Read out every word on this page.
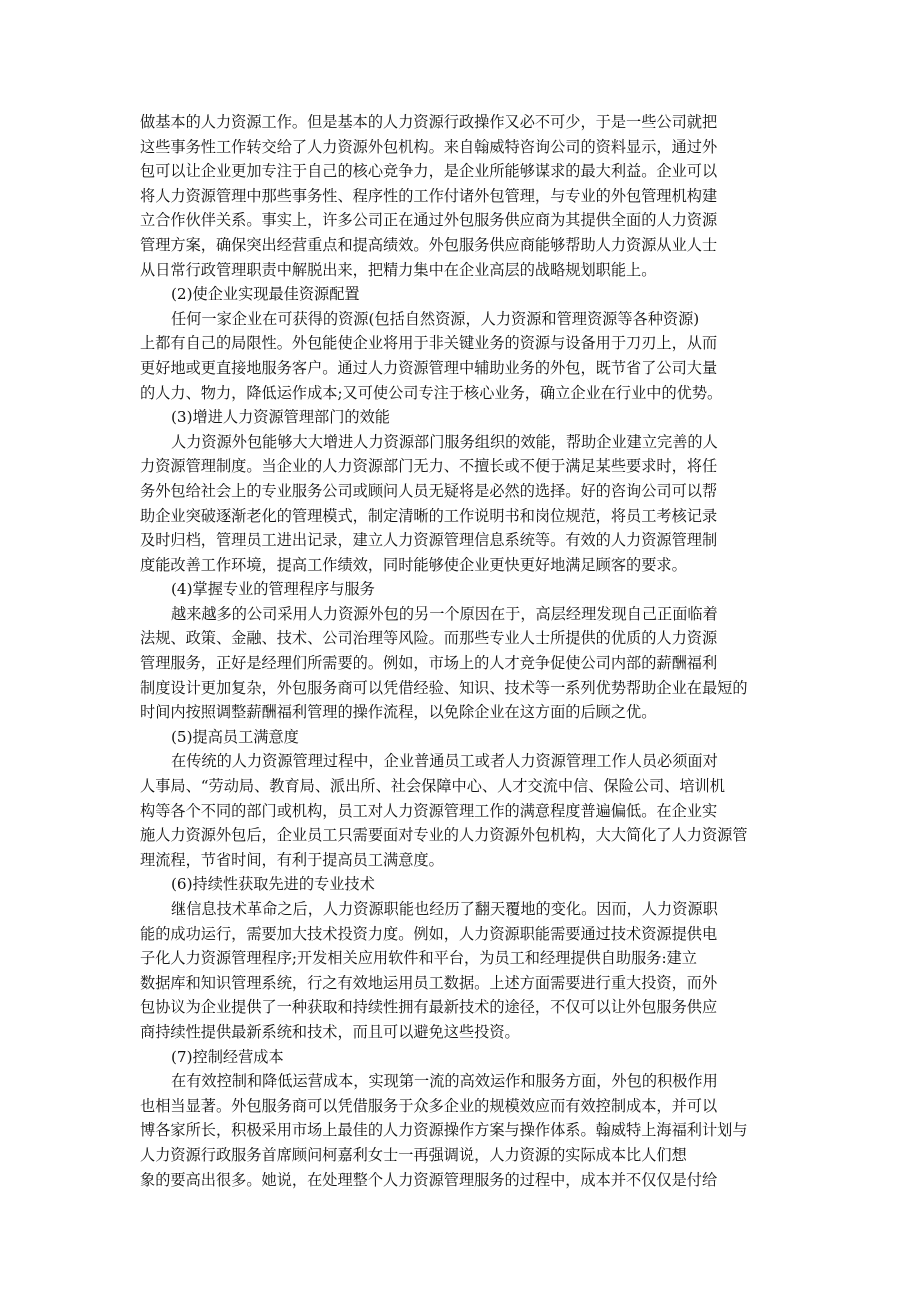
做基本的人力资源工作。但是基本的人力资源行政操作又必不可少，于是一些公司就把
这些事务性工作转交给了人力资源外包机构。来自翰威特咨询公司的资料显示，通过外
包可以让企业更加专注于自己的核心竞争力，是企业所能够谋求的最大利益。企业可以
将人力资源管理中那些事务性、程序性的工作付诸外包管理，与专业的外包管理机构建
立合作伙伴关系。事实上，许多公司正在通过外包服务供应商为其提供全面的人力资源
管理方案，确保突出经营重点和提高绩效。外包服务供应商能够帮助人力资源从业人士
从日常行政管理职责中解脱出来，把精力集中在企业高层的战略规划职能上。
(2)使企业实现最佳资源配置
任何一家企业在可获得的资源(包括自然资源，人力资源和管理资源等各种资源)
上都有自己的局限性。外包能使企业将用于非关键业务的资源与设备用于刀刃上，从而
更好地或更直接地服务客户。通过人力资源管理中辅助业务的外包，既节省了公司大量
的人力、物力，降低运作成本;又可使公司专注于核心业务，确立企业在行业中的优势。
(3)增进人力资源管理部门的效能
人力资源外包能够大大增进人力资源部门服务组织的效能，帮助企业建立完善的人
力资源管理制度。当企业的人力资源部门无力、不擅长或不便于满足某些要求时，将任
务外包给社会上的专业服务公司或顾问人员无疑将是必然的选择。好的咨询公司可以帮
助企业突破逐渐老化的管理模式，制定清晰的工作说明书和岗位规范，将员工考核记录
及时归档，管理员工进出记录，建立人力资源管理信息系统等。有效的人力资源管理制
度能改善工作环境，提高工作绩效，同时能够使企业更快更好地满足顾客的要求。
(4)掌握专业的管理程序与服务
越来越多的公司采用人力资源外包的另一个原因在于，高层经理发现自己正面临着
法规、政策、金融、技术、公司治理等风险。而那些专业人士所提供的优质的人力资源
管理服务，正好是经理们所需要的。例如，市场上的人才竞争促使公司内部的薪酬福利
制度设计更加复杂，外包服务商可以凭借经验、知识、技术等一系列优势帮助企业在最短的
时间内按照调整薪酬福利管理的操作流程，以免除企业在这方面的后顾之优。
(5)提高员工满意度
在传统的人力资源管理过程中，企业普通员工或者人力资源管理工作人员必须面对
人事局、“劳动局、教育局、派出所、社会保障中心、人才交流中信、保险公司、培训机
构等各个不同的部门或机构，员工对人力资源管理工作的满意程度普遍偏低。在企业实
施人力资源外包后，企业员工只需要面对专业的人力资源外包机构，大大简化了人力资源管
理流程，节省时间，有利于提高员工满意度。
(6)持续性获取先进的专业技术
继信息技术革命之后，人力资源职能也经历了翻天覆地的变化。因而，人力资源职
能的成功运行，需要加大技术投资力度。例如，人力资源职能需要通过技术资源提供电
子化人力资源管理程序;开发相关应用软件和平台，为员工和经理提供自助服务:建立
数据库和知识管理系统，行之有效地运用员工数据。上述方面需要进行重大投资，而外
包协议为企业提供了一种获取和持续性拥有最新技术的途径，不仅可以让外包服务供应
商持续性提供最新系统和技术，而且可以避免这些投资。
(7)控制经营成本
在有效控制和降低运营成本，实现第一流的高效运作和服务方面，外包的积极作用
也相当显著。外包服务商可以凭借服务于众多企业的规模效应而有效控制成本，并可以
博各家所长，积极采用市场上最佳的人力资源操作方案与操作体系。翰威特上海福利计划与
人力资源行政服务首席顾问柯嘉利女士一再强调说，人力资源的实际成本比人们想
象的要高出很多。她说，在处理整个人力资源管理服务的过程中，成本并不仅仅是付给
